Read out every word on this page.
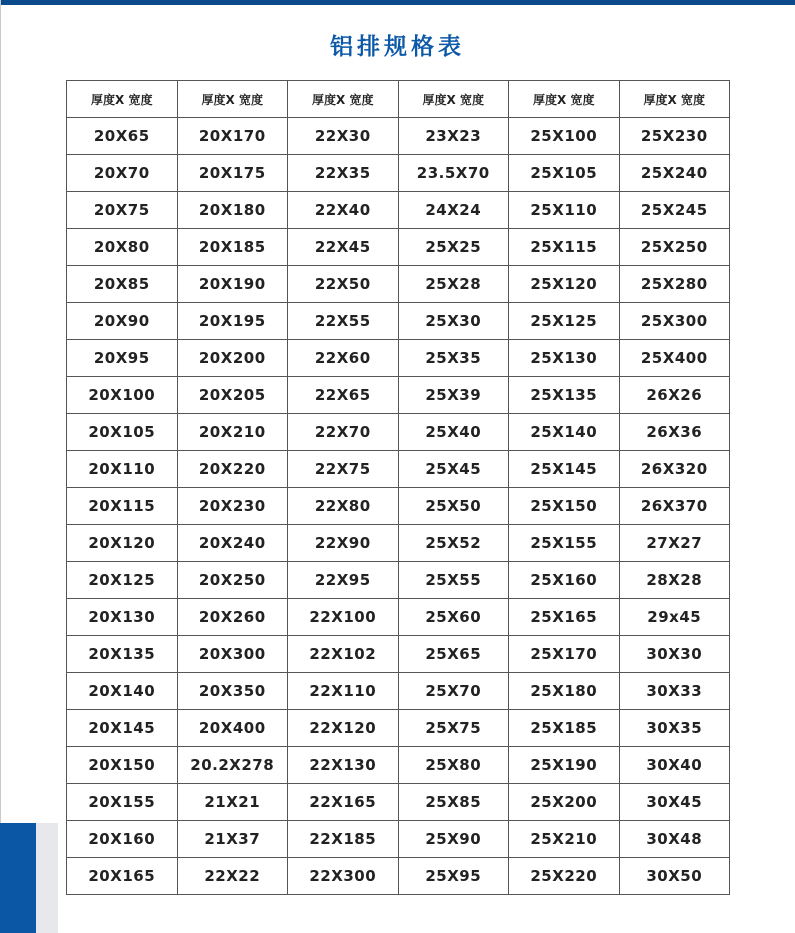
铝排规格表
厚度X 宽度	厚度X 宽度	厚度X 宽度	厚度X 宽度	厚度X 宽度	厚度X 宽度
20X65	20X170	22X30	23X23	25X100	25X230
20X70	20X175	22X35	23.5X70	25X105	25X240
20X75	20X180	22X40	24X24	25X110	25X245
20X80	20X185	22X45	25X25	25X115	25X250
20X85	20X190	22X50	25X28	25X120	25X280
20X90	20X195	22X55	25X30	25X125	25X300
20X95	20X200	22X60	25X35	25X130	25X400
20X100	20X205	22X65	25X39	25X135	26X26
20X105	20X210	22X70	25X40	25X140	26X36
20X110	20X220	22X75	25X45	25X145	26X320
20X115	20X230	22X80	25X50	25X150	26X370
20X120	20X240	22X90	25X52	25X155	27X27
20X125	20X250	22X95	25X55	25X160	28X28
20X130	20X260	22X100	25X60	25X165	29x45
20X135	20X300	22X102	25X65	25X170	30X30
20X140	20X350	22X110	25X70	25X180	30X33
20X145	20X400	22X120	25X75	25X185	30X35
20X150	20.2X278	22X130	25X80	25X190	30X40
20X155	21X21	22X165	25X85	25X200	30X45
20X160	21X37	22X185	25X90	25X210	30X48
20X165	22X22	22X300	25X95	25X220	30X50
